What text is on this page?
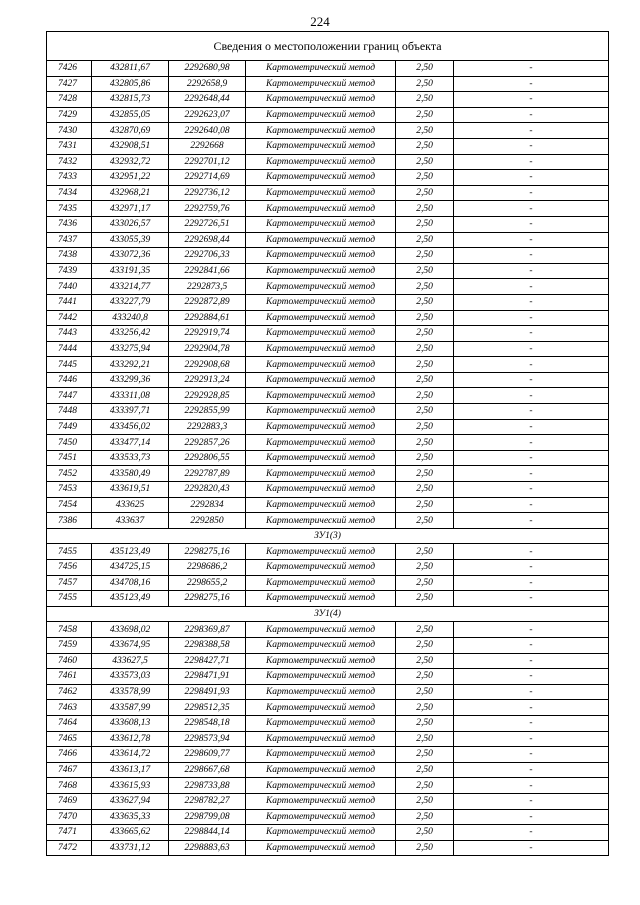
224
Сведения о местоположении границ объекта					
7426	432811,67	2292680,98	Картометрический метод	2,50	-
7427	432805,86	2292658,9	Картометрический метод	2,50	-
7428	432815,73	2292648,44	Картометрический метод	2,50	-
7429	432855,05	2292623,07	Картометрический метод	2,50	-
7430	432870,69	2292640,08	Картометрический метод	2,50	-
7431	432908,51	2292668	Картометрический метод	2,50	-
7432	432932,72	2292701,12	Картометрический метод	2,50	-
7433	432951,22	2292714,69	Картометрический метод	2,50	-
7434	432968,21	2292736,12	Картометрический метод	2,50	-
7435	432971,17	2292759,76	Картометрический метод	2,50	-
7436	433026,57	2292726,51	Картометрический метод	2,50	-
7437	433055,39	2292698,44	Картометрический метод	2,50	-
7438	433072,36	2292706,33	Картометрический метод	2,50	-
7439	433191,35	2292841,66	Картометрический метод	2,50	-
7440	433214,77	2292873,5	Картометрический метод	2,50	-
7441	433227,79	2292872,89	Картометрический метод	2,50	-
7442	433240,8	2292884,61	Картометрический метод	2,50	-
7443	433256,42	2292919,74	Картометрический метод	2,50	-
7444	433275,94	2292904,78	Картометрический метод	2,50	-
7445	433292,21	2292908,68	Картометрический метод	2,50	-
7446	433299,36	2292913,24	Картометрический метод	2,50	-
7447	433311,08	2292928,85	Картометрический метод	2,50	-
7448	433397,71	2292855,99	Картометрический метод	2,50	-
7449	433456,02	2292883,3	Картометрический метод	2,50	-
7450	433477,14	2292857,26	Картометрический метод	2,50	-
7451	433533,73	2292806,55	Картометрический метод	2,50	-
7452	433580,49	2292787,89	Картометрический метод	2,50	-
7453	433619,51	2292820,43	Картометрический метод	2,50	-
7454	433625	2292834	Картометрический метод	2,50	-
7386	433637	2292850	Картометрический метод	2,50	-
ЗУ1(3)					
7455	435123,49	2298275,16	Картометрический метод	2,50	-
7456	434725,15	2298686,2	Картометрический метод	2,50	-
7457	434708,16	2298655,2	Картометрический метод	2,50	-
7455	435123,49	2298275,16	Картометрический метод	2,50	-
ЗУ1(4)					
7458	433698,02	2298369,87	Картометрический метод	2,50	-
7459	433674,95	2298388,58	Картометрический метод	2,50	-
7460	433627,5	2298427,71	Картометрический метод	2,50	-
7461	433573,03	2298471,91	Картометрический метод	2,50	-
7462	433578,99	2298491,93	Картометрический метод	2,50	-
7463	433587,99	2298512,35	Картометрический метод	2,50	-
7464	433608,13	2298548,18	Картометрический метод	2,50	-
7465	433612,78	2298573,94	Картометрический метод	2,50	-
7466	433614,72	2298609,77	Картометрический метод	2,50	-
7467	433613,17	2298667,68	Картометрический метод	2,50	-
7468	433615,93	2298733,88	Картометрический метод	2,50	-
7469	433627,94	2298782,27	Картометрический метод	2,50	-
7470	433635,33	2298799,08	Картометрический метод	2,50	-
7471	433665,62	2298844,14	Картометрический метод	2,50	-
7472	433731,12	2298883,63	Картометрический метод	2,50	-
